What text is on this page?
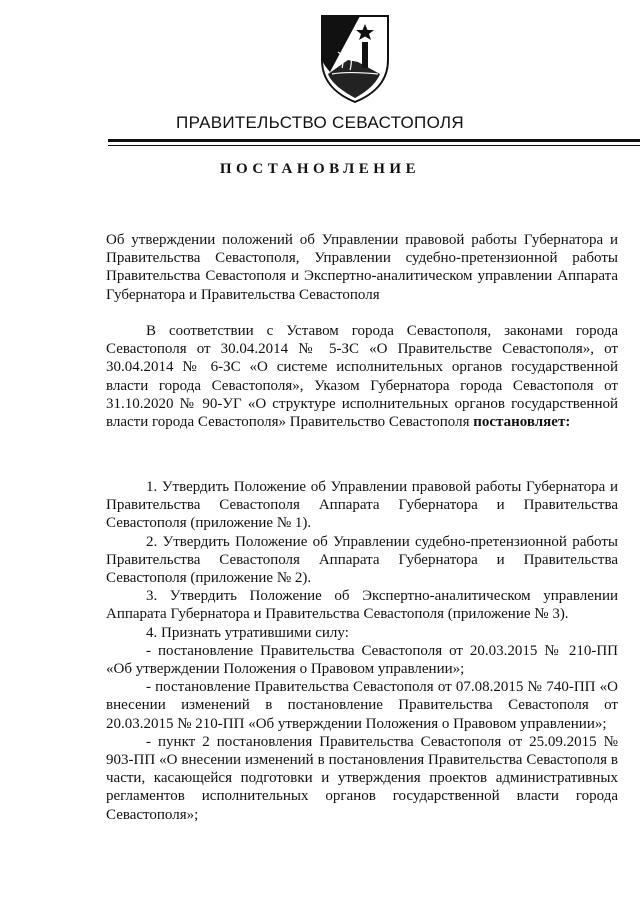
ПРАВИТЕЛЬСТВО СЕВАСТОПОЛЯ
ПОСТАНОВЛЕНИЕ
Об утверждении положений об Управлении правовой работы Губернатора и Правительства Севастополя, Управлении судебно-претензионной работы Правительства Севастополя и Экспертно-аналитическом управлении Аппарата Губернатора и Правительства Севастополя
В соответствии с Уставом города Севастополя, законами города Севастополя от 30.04.2014 № 5-ЗС «О Правительстве Севастополя», от 30.04.2014 № 6-ЗС «О системе исполнительных органов государственной власти города Севастополя», Указом Губернатора города Севастополя от 31.10.2020 № 90-УГ «О структуре исполнительных органов государственной власти города Севастополя» Правительство Севастополя постановляет:

1. Утвердить Положение об Управлении правовой работы Губернатора и Правительства Севастополя Аппарата Губернатора и Правительства Севастополя (приложение № 1).

2. Утвердить Положение об Управлении судебно-претензионной работы Правительства Севастополя Аппарата Губернатора и Правительства Севастополя (приложение № 2).

3. Утвердить Положение об Экспертно-аналитическом управлении Аппарата Губернатора и Правительства Севастополя (приложение № 3).

4. Признать утратившими силу:

- постановление Правительства Севастополя от 20.03.2015 № 210-ПП «Об утверждении Положения о Правовом управлении»;

- постановление Правительства Севастополя от 07.08.2015 № 740-ПП «О внесении изменений в постановление Правительства Севастополя от 20.03.2015 № 210-ПП «Об утверждении Положения о Правовом управлении»;

- пункт 2 постановления Правительства Севастополя от 25.09.2015 № 903-ПП «О внесении изменений в постановления Правительства Севастополя в части, касающейся подготовки и утверждения проектов административных регламентов исполнительных органов государственной власти города Севастополя»;
